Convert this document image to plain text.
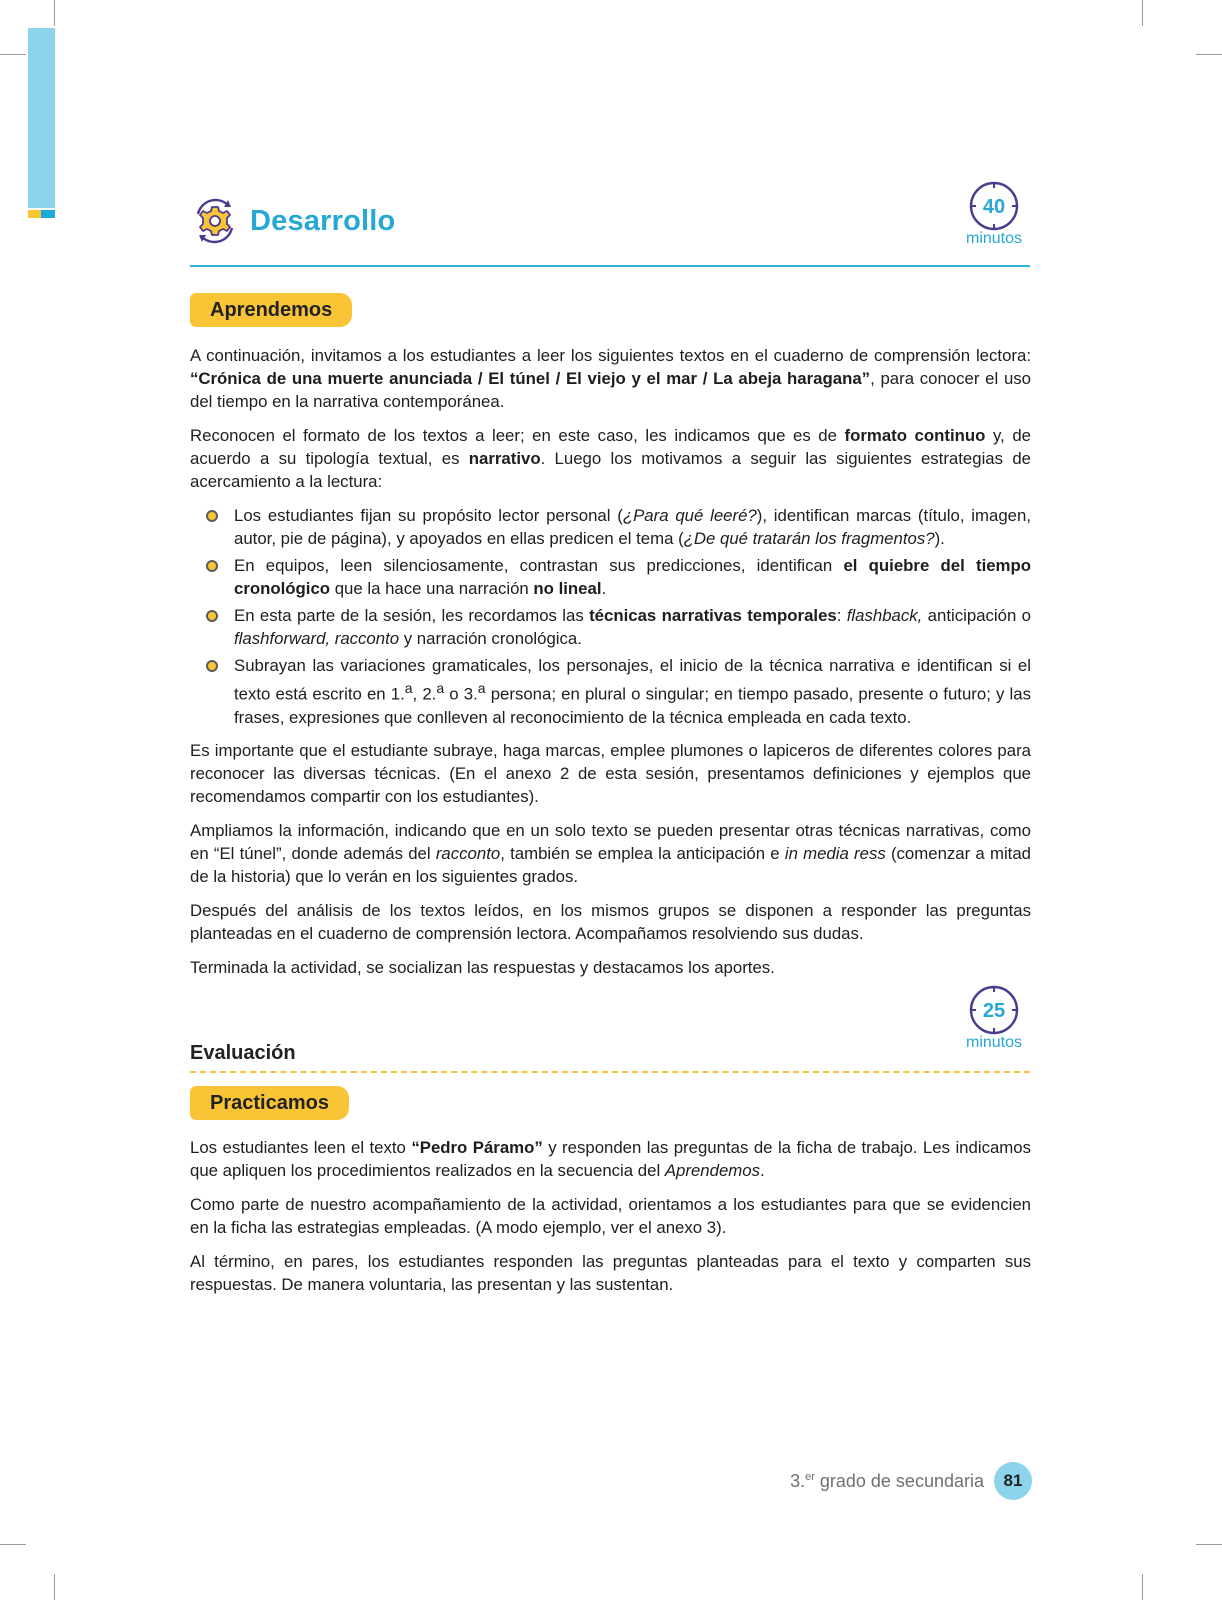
Desarrollo	40
minutos
Aprendemos

A continuación, invitamos a los estudiantes a leer los siguientes textos en el cuaderno de comprensión lectora: “Crónica de una muerte anunciada / El túnel / El viejo y el mar / La abeja haragana”, para conocer el uso del tiempo en la narrativa contemporánea.

Reconocen el formato de los textos a leer; en este caso, les indicamos que es de formato continuo y, de acuerdo a su tipología textual, es narrativo. Luego los motivamos a seguir las siguientes estrategias de acercamiento a la lectura:

Los estudiantes fijan su propósito lector personal (¿Para qué leeré?), identifican marcas (título, imagen, autor, pie de página), y apoyados en ellas predicen el tema (¿De qué tratarán los fragmentos?).
En equipos, leen silenciosamente, contrastan sus predicciones, identifican el quiebre del tiempo cronológico que la hace una narración no lineal.
En esta parte de la sesión, les recordamos las técnicas narrativas temporales: flashback, anticipación o flashforward, racconto y narración cronológica.
Subrayan las variaciones gramaticales, los personajes, el inicio de la técnica narrativa e identifican si el texto está escrito en 1.$^a$, 2.$^a$ o 3.$^a$ persona; en plural o singular; en tiempo pasado, presente o futuro; y las frases, expresiones que conlleven al reconocimiento de la técnica empleada en cada texto.

Es importante que el estudiante subraye, haga marcas, emplee plumones o lapiceros de diferentes colores para reconocer las diversas técnicas. (En el anexo 2 de esta sesión, presentamos definiciones y ejemplos que recomendamos compartir con los estudiantes).

Ampliamos la información, indicando que en un solo texto se pueden presentar otras técnicas narrativas, como en “El túnel”, donde además del racconto, también se emplea la anticipación e in media ress (comenzar a mitad de la historia) que lo verán en los siguientes grados.

Después del análisis de los textos leídos, en los mismos grupos se disponen a responder las preguntas planteadas en el cuaderno de comprensión lectora. Acompañamos resolviendo sus dudas.

Terminada la actividad, se socializan las respuestas y destacamos los aportes.

25
minutos
Evaluación
Practicamos

Los estudiantes leen el texto “Pedro Páramo” y responden las preguntas de la ficha de trabajo. Les indicamos que apliquen los procedimientos realizados en la secuencia del Aprendemos.

Como parte de nuestro acompañamiento de la actividad, orientamos a los estudiantes para que se evidencien en la ficha las estrategias empleadas. (A modo ejemplo, ver el anexo 3).

Al término, en pares, los estudiantes responden las preguntas planteadas para el texto y comparten sus respuestas. De manera voluntaria, las presentan y las sustentan.

3.$^{er}$ grado de secundaria	81
